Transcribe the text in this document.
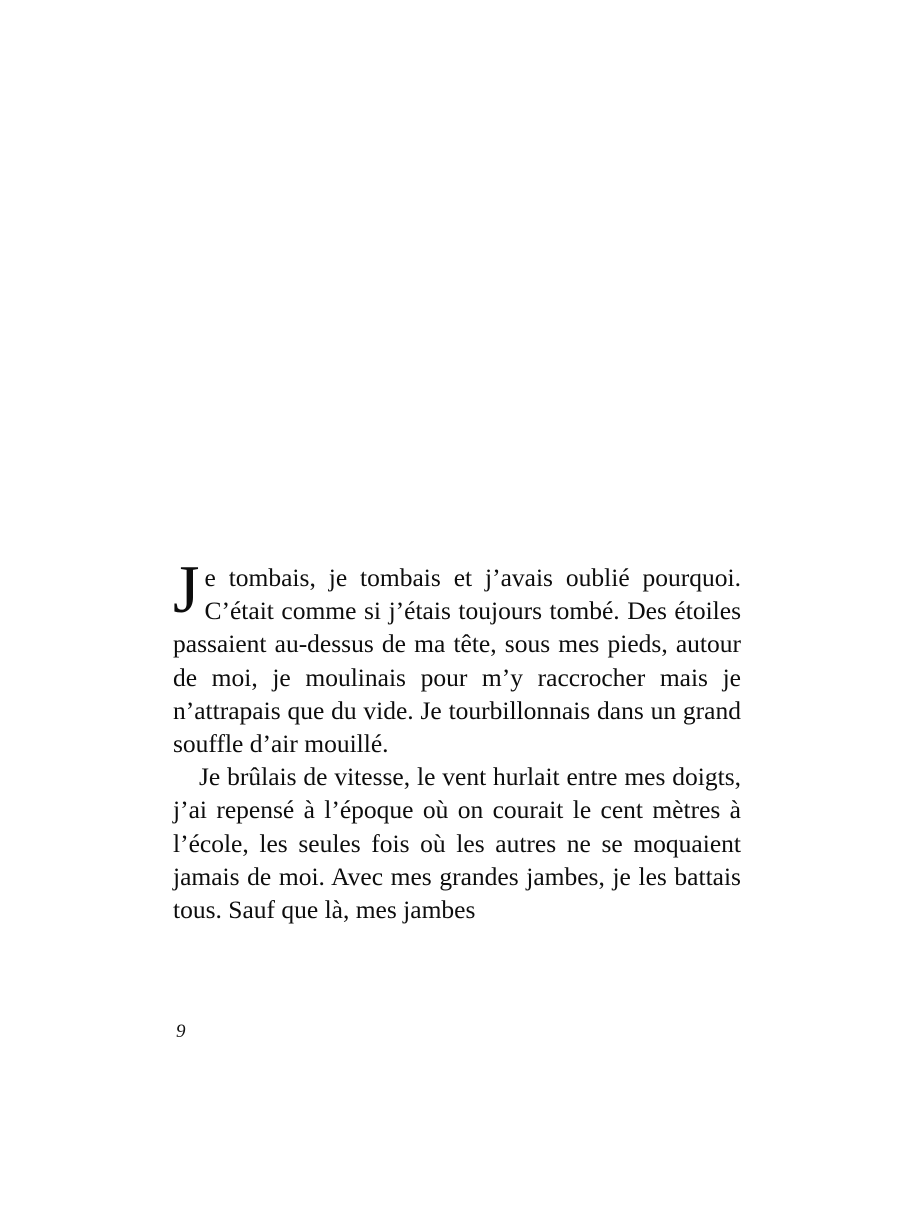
Je tombais, je tombais et j’avais oublié pourquoi. C’était comme si j’étais toujours tombé. Des étoiles passaient au-dessus de ma tête, sous mes pieds, autour de moi, je moulinais pour m’y raccrocher mais je n’attrapais que du vide. Je tourbillonnais dans un grand souffle d’air mouillé.

Je brûlais de vitesse, le vent hurlait entre mes doigts, j’ai repensé à l’époque où on courait le cent mètres à l’école, les seules fois où les autres ne se moquaient jamais de moi. Avec mes grandes jambes, je les battais tous. Sauf que là, mes jambes

9
